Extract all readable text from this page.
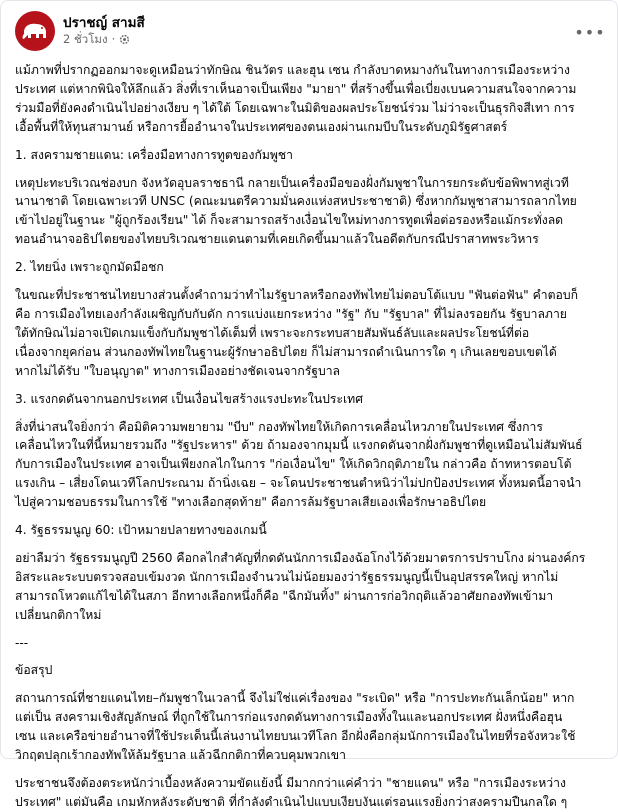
ปราชญ์ สามสี
2 ชั่วโมง ·	•••

แม้ภาพที่ปรากฏออกมาจะดูเหมือนว่าทักษิณ ชินวัตร และฮุน เซน กำลังบาดหมางกันในทางการเมืองระหว่าง
ประเทศ แต่หากพินิจให้ลึกแล้ว สิ่งที่เราเห็นอาจเป็นเพียง "มายา" ที่สร้างขึ้นเพื่อเบี่ยงเบนความสนใจจากความ
ร่วมมือที่ยังคงดำเนินไปอย่างเงียบ ๆ ได้ใต้ โดยเฉพาะในมิติของผลประโยชน์ร่วม ไม่ว่าจะเป็นธุรกิจสีเทา การ
เอื้อพื้นที่ให้ทุนสามานย์ หรือการยื้ออำนาจในประเทศของตนเองผ่านเกมบีบในระดับภูมิรัฐศาสตร์

1. สงครามชายแดน: เครื่องมือทางการทูตของกัมพูชา

เหตุปะทะบริเวณช่องบก จังหวัดอุบลราชธานี กลายเป็นเครื่องมือของฝั่งกัมพูชาในการยกระดับข้อพิพาทสู่เวที
นานาชาติ โดยเฉพาะเวที UNSC (คณะมนตรีความมั่นคงแห่งสหประชาชาติ) ซึ่งหากกัมพูชาสามารถลากไทย
เข้าไปอยู่ในฐานะ "ผู้ถูกร้องเรียน" ได้ ก็จะสามารถสร้างเงื่อนไขใหม่ทางการทูตเพื่อต่อรองหรือแม้กระทั่งลด
ทอนอำนาจอธิปไตยของไทยบริเวณชายแดนตามที่เคยเกิดขึ้นมาแล้วในอดีตกับกรณีปราสาทพระวิหาร

2. ไทยนิ่ง เพราะถูกมัดมือชก

ในขณะที่ประชาชนไทยบางส่วนตั้งคำถามว่าทำไมรัฐบาลหรือกองทัพไทยไม่ตอบโต้แบบ "ฟันต่อฟัน" คำตอบก็
คือ การเมืองไทยเองกำลังเผชิญกับกับดัก การแบ่งแยกระหว่าง "รัฐ" กับ "รัฐบาล" ที่ไม่ลงรอยกัน รัฐบาลภาย
ใต้ทักษิณไม่อาจเปิดเกมแข็งกับกัมพูชาได้เต็มที่ เพราะจะกระทบสายสัมพันธ์ลับและผลประโยชน์ที่ต่อ
เนื่องจากยุคก่อน ส่วนกองทัพไทยในฐานะผู้รักษาอธิปไตย ก็ไม่สามารถดำเนินการใด ๆ เกินเลยขอบเขตได้
หากไม่ได้รับ "ใบอนุญาต" ทางการเมืองอย่างชัดเจนจากรัฐบาล

3. แรงกดดันจากนอกประเทศ เป็นเงื่อนไขสร้างแรงปะทะในประเทศ

สิ่งที่น่าสนใจยิ่งกว่า คือมิติความพยายาม "บีบ" กองทัพไทยให้เกิดการเคลื่อนไหวภายในประเทศ ซึ่งการ
เคลื่อนไหวในที่นี้หมายรวมถึง "รัฐประหาร" ด้วย ถ้ามองจากมุมนี้ แรงกดดันจากฝั่งกัมพูชาที่ดูเหมือนไม่สัมพันธ์
กับการเมืองในประเทศ อาจเป็นเพียงกลไกในการ "ก่อเงื่อนไข" ให้เกิดวิกฤติภายใน กล่าวคือ ถ้าทหารตอบโต้
แรงเกิน – เสี่ยงโดนเวทีโลกประณาม ถ้านิ่งเฉย – จะโดนประชาชนตำหนิว่าไม่ปกป้องประเทศ ทั้งหมดนี้อาจนำ
ไปสู่ความชอบธรรมในการใช้ "ทางเลือกสุดท้าย" คือการล้มรัฐบาลเสียเองเพื่อรักษาอธิปไตย

4. รัฐธรรมนูญ 60: เป้าหมายปลายทางของเกมนี้

อย่าลืมว่า รัฐธรรมนูญปี 2560 คือกลไกสำคัญที่กดดันนักการเมืองฉ้อโกงไว้ด้วยมาตรการปราบโกง ผ่านองค์กร
อิสระและระบบตรวจสอบเข้มงวด นักการเมืองจำนวนไม่น้อยมองว่ารัฐธรรมนูญนี้เป็นอุปสรรคใหญ่ หากไม่
สามารถโหวตแก้ไขได้ในสภา อีกทางเลือกหนึ่งก็คือ "ฉีกมันทิ้ง" ผ่านการก่อวิกฤติแล้วอาศัยกองทัพเข้ามา
เปลี่ยนกติกาใหม่

---

ข้อสรุป

สถานการณ์ที่ชายแดนไทย–กัมพูชาในเวลานี้ จึงไม่ใช่แค่เรื่องของ "ระเบิด" หรือ "การปะทะกันเล็กน้อย" หาก
แต่เป็น สงครามเชิงสัญลักษณ์ ที่ถูกใช้ในการก่อแรงกดดันทางการเมืองทั้งในและนอกประเทศ ฝั่งหนึ่งคือฮุน
เซน และเครือข่ายอำนาจที่ใช้ประเด็นนี้เล่นงานไทยบนเวทีโลก อีกฝั่งคือกลุ่มนักการเมืองในไทยที่รอจังหวะใช้
วิกฤตปลุกเร้ากองทัพให้ล้มรัฐบาล แล้วฉีกกติกาที่ควบคุมพวกเขา

ประชาชนจึงต้องตระหนักว่าเบื้องหลังความขัดแย้งนี้ มีมากกว่าแค่คำว่า "ชายแดน" หรือ "การเมืองระหว่าง
ประเทศ" แต่มันคือ เกมหักหลังระดับชาติ ที่กำลังดำเนินไปแบบเงียบงันแต่รอนแรงยิ่งกว่าสงครามปืนกลใด ๆ
